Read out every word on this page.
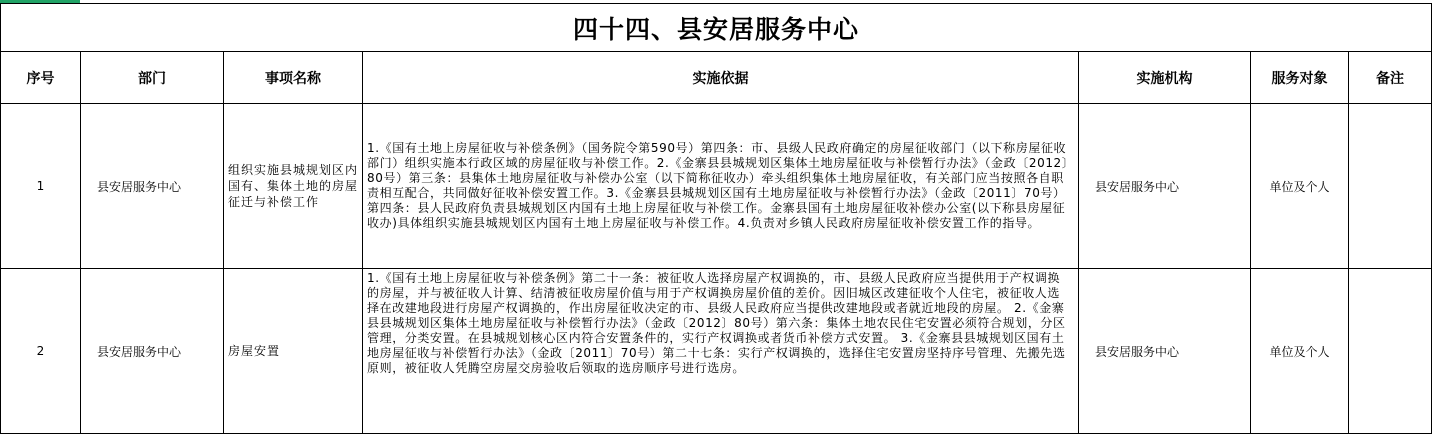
四十四、县安居服务中心						
序号	部门	事项名称	实施依据	实施机构	服务对象	备注
1	县安居服务中心	组织实施县城规划区内国有、集体土地的房屋征迁与补偿工作	1.《国有土地上房屋征收与补偿条例》（国务院令第590号）第四条：市、县级人民政府确定的房屋征收部门（以下称房屋征收部门）组织实施本行政区域的房屋征收与补偿工作。2.《金寨县县城规划区集体土地房屋征收与补偿暂行办法》（金政〔2012〕80号）第三条：县集体土地房屋征收与补偿办公室（以下简称征收办）牵头组织集体土地房屋征收，有关部门应当按照各自职责相互配合，共同做好征收补偿安置工作。3.《金寨县县城规划区国有土地房屋征收与补偿暂行办法》（金政〔2011〕70号）第四条：县人民政府负责县城规划区内国有土地上房屋征收与补偿工作。金寨县国有土地房屋征收补偿办公室(以下称县房屋征收办)具体组织实施县城规划区内国有土地上房屋征收与补偿工作。4.负责对乡镇人民政府房屋征收补偿安置工作的指导。	县安居服务中心	单位及个人	
2	县安居服务中心	房屋安置	1.《国有土地上房屋征收与补偿条例》第二十一条：被征收人选择房屋产权调换的，市、县级人民政府应当提供用于产权调换的房屋，并与被征收人计算、结清被征收房屋价值与用于产权调换房屋价值的差价。因旧城区改建征收个人住宅，被征收人选择在改建地段进行房屋产权调换的，作出房屋征收决定的市、县级人民政府应当提供改建地段或者就近地段的房屋。 2.《金寨县县城规划区集体土地房屋征收与补偿暂行办法》（金政〔2012〕80号）第六条：集体土地农民住宅安置必须符合规划，分区管理，分类安置。在县城规划核心区内符合安置条件的，实行产权调换或者货币补偿方式安置。 3.《金寨县县城规划区国有土地房屋征收与补偿暂行办法》（金政〔2011〕70号）第二十七条：实行产权调换的，选择住宅安置房坚持序号管理、先搬先选原则，被征收人凭腾空房屋交房验收后领取的选房顺序号进行选房。	县安居服务中心	单位及个人	
